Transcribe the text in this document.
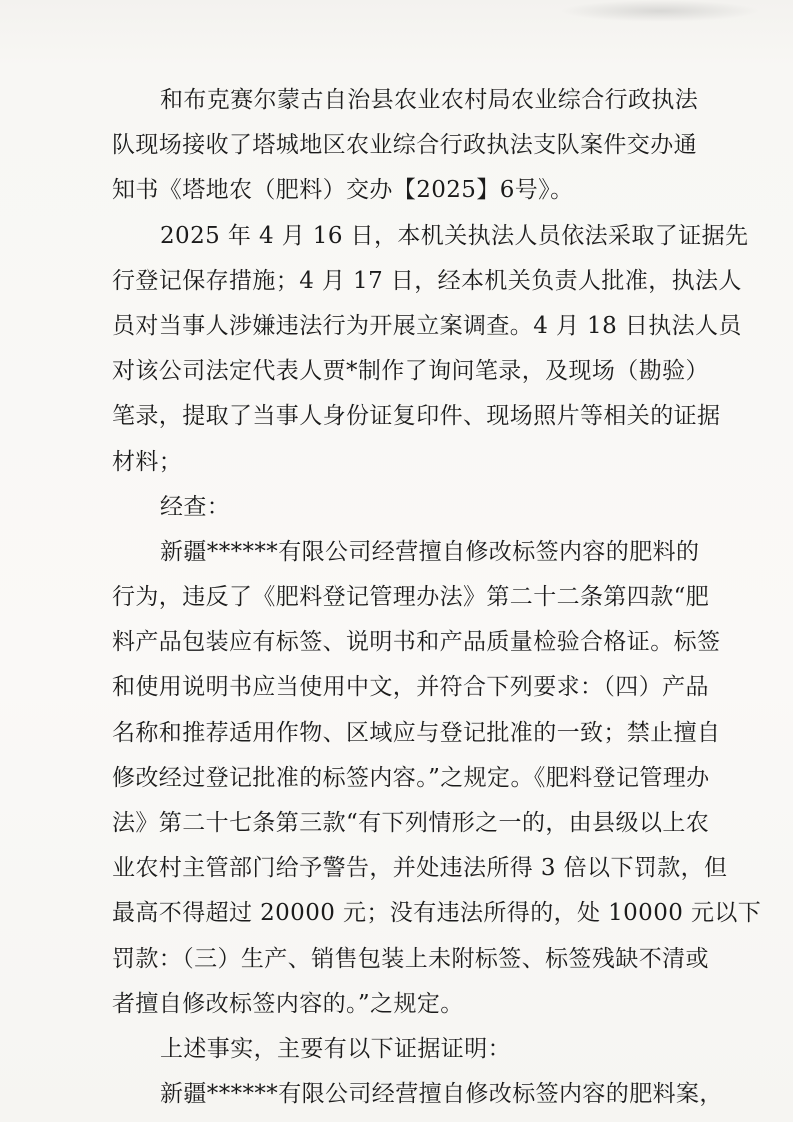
和布克赛尔蒙古自治县农业农村局农业综合行政执法
队现场接收了塔城地区农业综合行政执法支队案件交办通
知书《塔地农（肥料）交办【2025】6号》。
2025 年 4 月 16 日，本机关执法人员依法采取了证据先
行登记保存措施；4 月 17 日，经本机关负责人批准，执法人
员对当事人涉嫌违法行为开展立案调查。4 月 18 日执法人员
对该公司法定代表人贾*制作了询问笔录，及现场（勘验）
笔录，提取了当事人身份证复印件、现场照片等相关的证据
材料；
经查：
新疆******有限公司经营擅自修改标签内容的肥料的
行为，违反了《肥料登记管理办法》第二十二条第四款“肥
料产品包装应有标签、说明书和产品质量检验合格证。标签
和使用说明书应当使用中文，并符合下列要求：（四）产品
名称和推荐适用作物、区域应与登记批准的一致；禁止擅自
修改经过登记批准的标签内容。”之规定。《肥料登记管理办
法》第二十七条第三款“有下列情形之一的，由县级以上农
业农村主管部门给予警告，并处违法所得 3 倍以下罚款，但
最高不得超过 20000 元；没有违法所得的，处 10000 元以下
罚款：（三）生产、销售包装上未附标签、标签残缺不清或
者擅自修改标签内容的。”之规定。
上述事实，主要有以下证据证明：
新疆******有限公司经营擅自修改标签内容的肥料案，
